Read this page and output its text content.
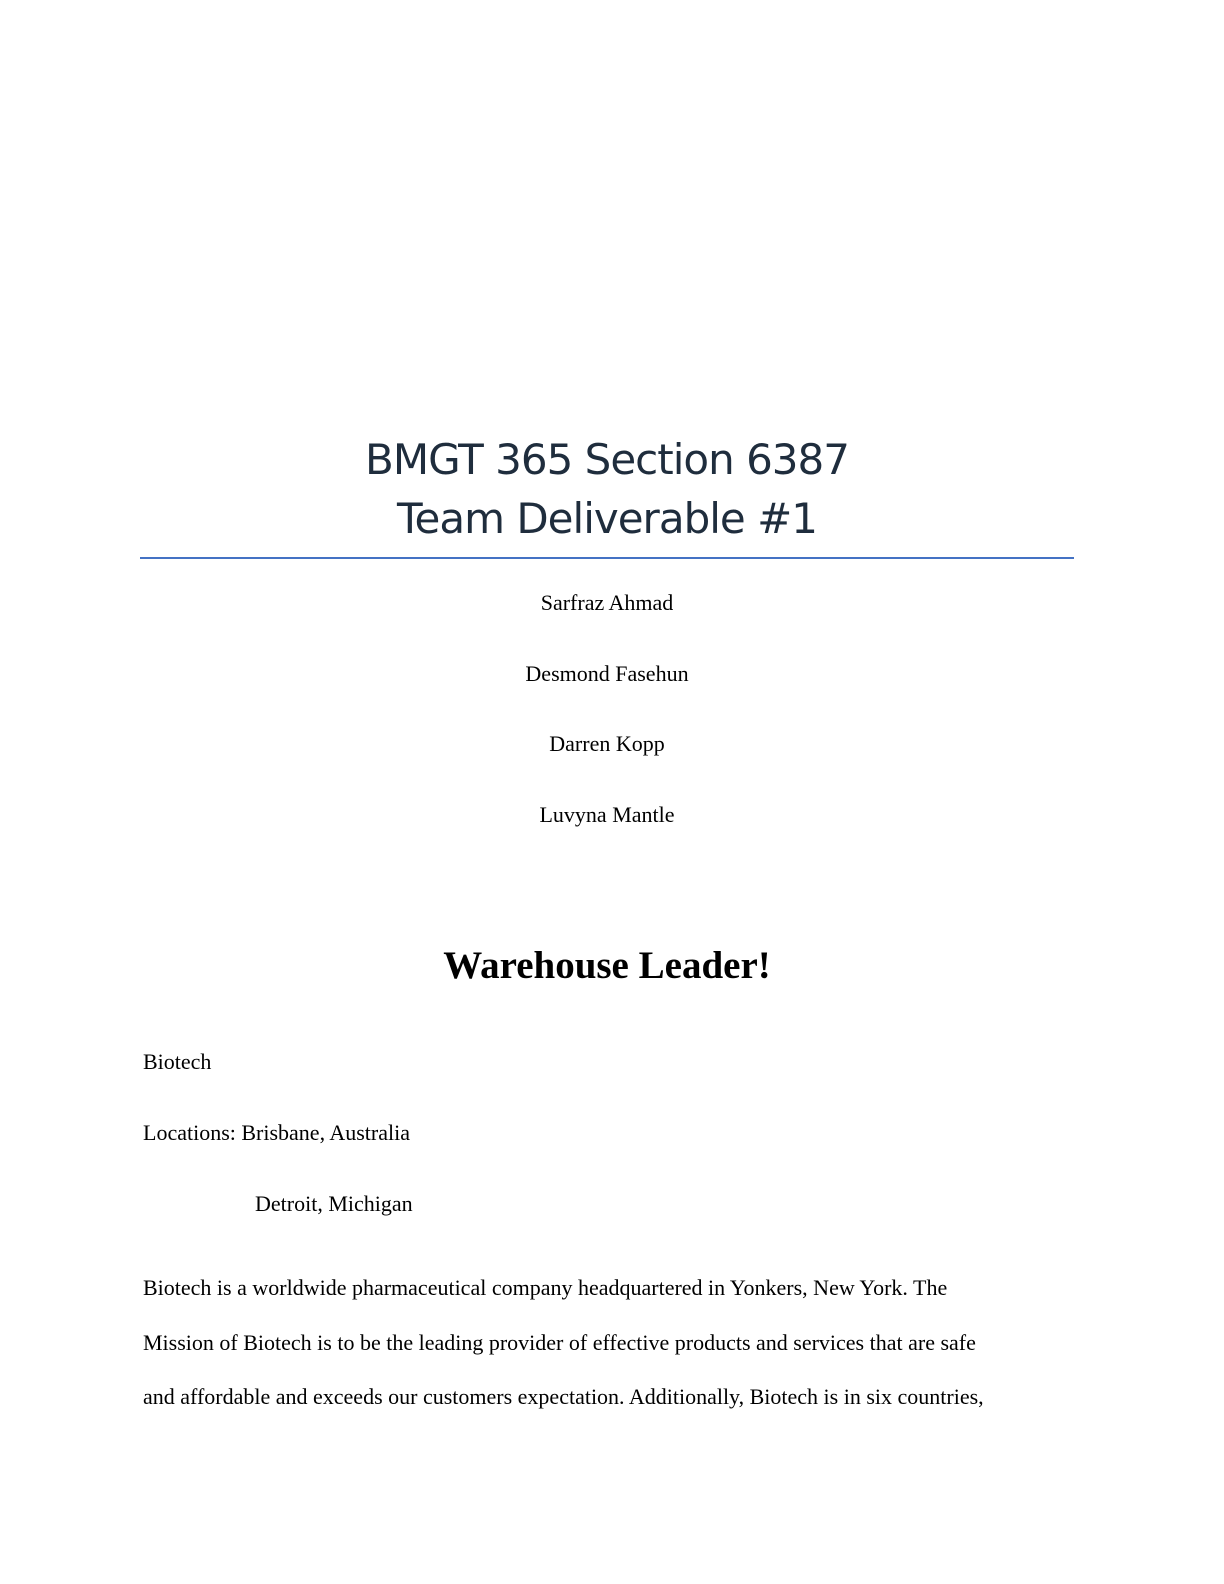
BMGT 365 Section 6387
Team Deliverable #1
Sarfraz Ahmad
Desmond Fasehun
Darren Kopp
Luvyna Mantle
Warehouse Leader!
Biotech
Locations: Brisbane, Australia
Detroit, Michigan
Biotech is a worldwide pharmaceutical company headquartered in Yonkers, New York. The
Mission of Biotech is to be the leading provider of effective products and services that are safe
and affordable and exceeds our customers expectation. Additionally, Biotech is in six countries,
